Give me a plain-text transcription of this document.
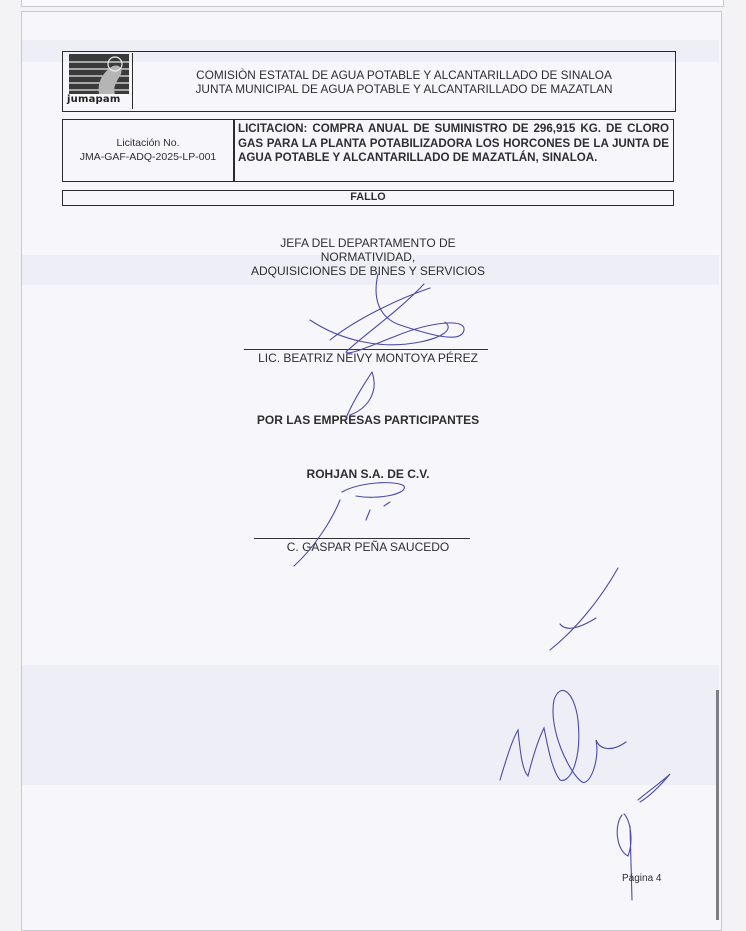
jumapam
COMISIÒN ESTATAL DE AGUA POTABLE Y ALCANTARILLADO DE SINALOA
JUNTA MUNICIPAL DE AGUA POTABLE Y ALCANTARILLADO DE MAZATLAN
Licitación No.
JMA-GAF-ADQ-2025-LP-001
LICITACION: COMPRA ANUAL DE SUMINISTRO DE 296,915 KG. DE CLORO GAS PARA LA PLANTA POTABILIZADORA LOS HORCONES DE LA JUNTA DE AGUA POTABLE Y ALCANTARILLADO DE MAZATLÁN, SINALOA.
FALLO
JEFA DEL DEPARTAMENTO DE
NORMATIVIDAD,
ADQUISICIONES DE BINES Y SERVICIOS
LIC. BEATRIZ NEIVY MONTOYA PÉREZ
POR LAS EMPRESAS PARTICIPANTES
ROHJAN S.A. DE C.V.
C. GASPAR PEÑA SAUCEDO
Página 4
